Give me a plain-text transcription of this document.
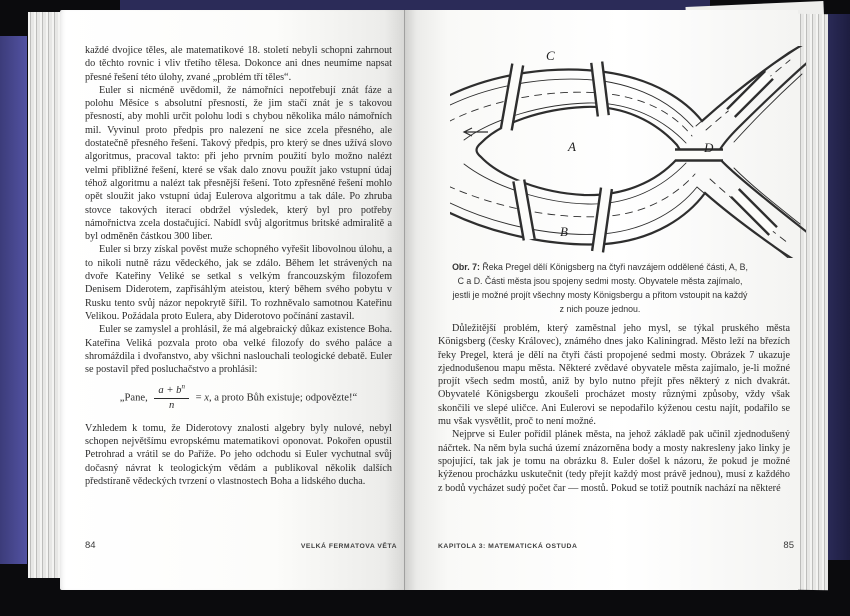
každé dvojice těles, ale matematikové 18. století nebyli schopni zahrnout do těchto rovnic i vliv třetího tělesa. Dokonce ani dnes neumíme napsat přesné řešení této úlohy, zvané „problém tří těles“.

Euler si nicméně uvědomil, že námořníci nepotřebují znát fáze a polohu Měsíce s absolutní přesností, že jim stačí znát je s takovou přesností, aby mohli určit polohu lodi s chybou několika málo námořních mil. Vyvinul proto předpis pro nalezení ne sice zcela přesného, ale dostatečně přesného řešení. Takový předpis, pro který se dnes užívá slovo algoritmus, pracoval takto: při jeho prvním použití bylo možno nalézt velmi přibližné řešení, které se však dalo znovu použít jako vstupní údaj téhož algoritmu a nalézt tak přesnější řešení. Toto zpřesněné řešení mohlo opět sloužit jako vstupní údaj Eulerova algoritmu a tak dále. Po zhruba stovce takových iterací obdržel výsledek, který byl pro potřeby námořnictva zcela dostačující. Nabídl svůj algoritmus britské admiralitě a byl odměněn částkou 300 liber.

Euler si brzy získal pověst muže schopného vyřešit libovolnou úlohu, a to nikoli nutně rázu vědeckého, jak se zdálo. Během let strávených na dvoře Kateřiny Veliké se setkal s velkým francouzským filozofem Denisem Diderotem, zapřisáhlým ateistou, který během svého pobytu v Rusku tento svůj názor nepokrytě šířil. To rozhněvalo samotnou Kateřinu Velikou. Požádala proto Eulera, aby Diderotovo počínání zastavil.

Euler se zamyslel a prohlásil, že má algebraický důkaz existence Boha. Kateřina Veliká pozvala proto oba velké filozofy do svého paláce a shromáždila i dvořanstvo, aby všichni naslouchali teologické debatě. Euler se postavil před posluchačstvo a prohlásil:

„Pane, $\frac{a + b^n}{n} = x$, a proto Bůh existuje; odpovězte!“

Vzhledem k tomu, že Diderotovy znalosti algebry byly nulové, nebyl schopen největšímu evropskému matematikovi oponovat. Pokořen opustil Petrohrad a vrátil se do Paříže. Po jeho odchodu si Euler vychutnal svůj dočasný návrat k teologickým vědám a publikoval několik dalších předstíraně vědeckých tvrzení o vlastnostech Boha a lidského ducha.

84	VELKÁ FERMATOVA VĚTA
C
A	D
B
Obr. 7: Řeka Pregel dělí Königsberg na čtyři navzájem oddělené části, A, B, C a D. Části města jsou spojeny sedmi mosty. Obyvatele města zajímalo, jestli je možné projít všechny mosty Königsbergu a přitom vstoupit na každý z nich pouze jednou.

Důležitější problém, který zaměstnal jeho mysl, se týkal pruského města Königsberg (česky Královec), známého dnes jako Kaliningrad. Město leží na březích řeky Pregel, která je dělí na čtyři části propojené sedmi mosty. Obrázek 7 ukazuje zjednodušenou mapu města. Některé zvědavé obyvatele města zajímalo, je-li možné projít všech sedm mostů, aniž by bylo nutno přejít přes některý z nich dvakrát. Obyvatelé Königsbergu zkoušeli procházet mosty různými způsoby, vždy však skončili ve slepé uličce. Ani Eulerovi se nepodařilo kýženou cestu najít, podařilo se mu však vysvětlit, proč to není možné.

Nejprve si Euler pořídil plánek města, na jehož základě pak učinil zjednodušený náčrtek. Na něm byla suchá území znázorněna body a mosty nakresleny jako linky je spojující, tak jak je tomu na obrázku 8. Euler došel k názoru, že pokud je možné kýženou procházku uskutečnit (tedy přejít každý most právě jednou), musí z každého z bodů vycházet sudý počet čar — mostů. Pokud se totiž poutník nachází na některé

KAPITOLA 3: MATEMATICKÁ OSTUDA	85
